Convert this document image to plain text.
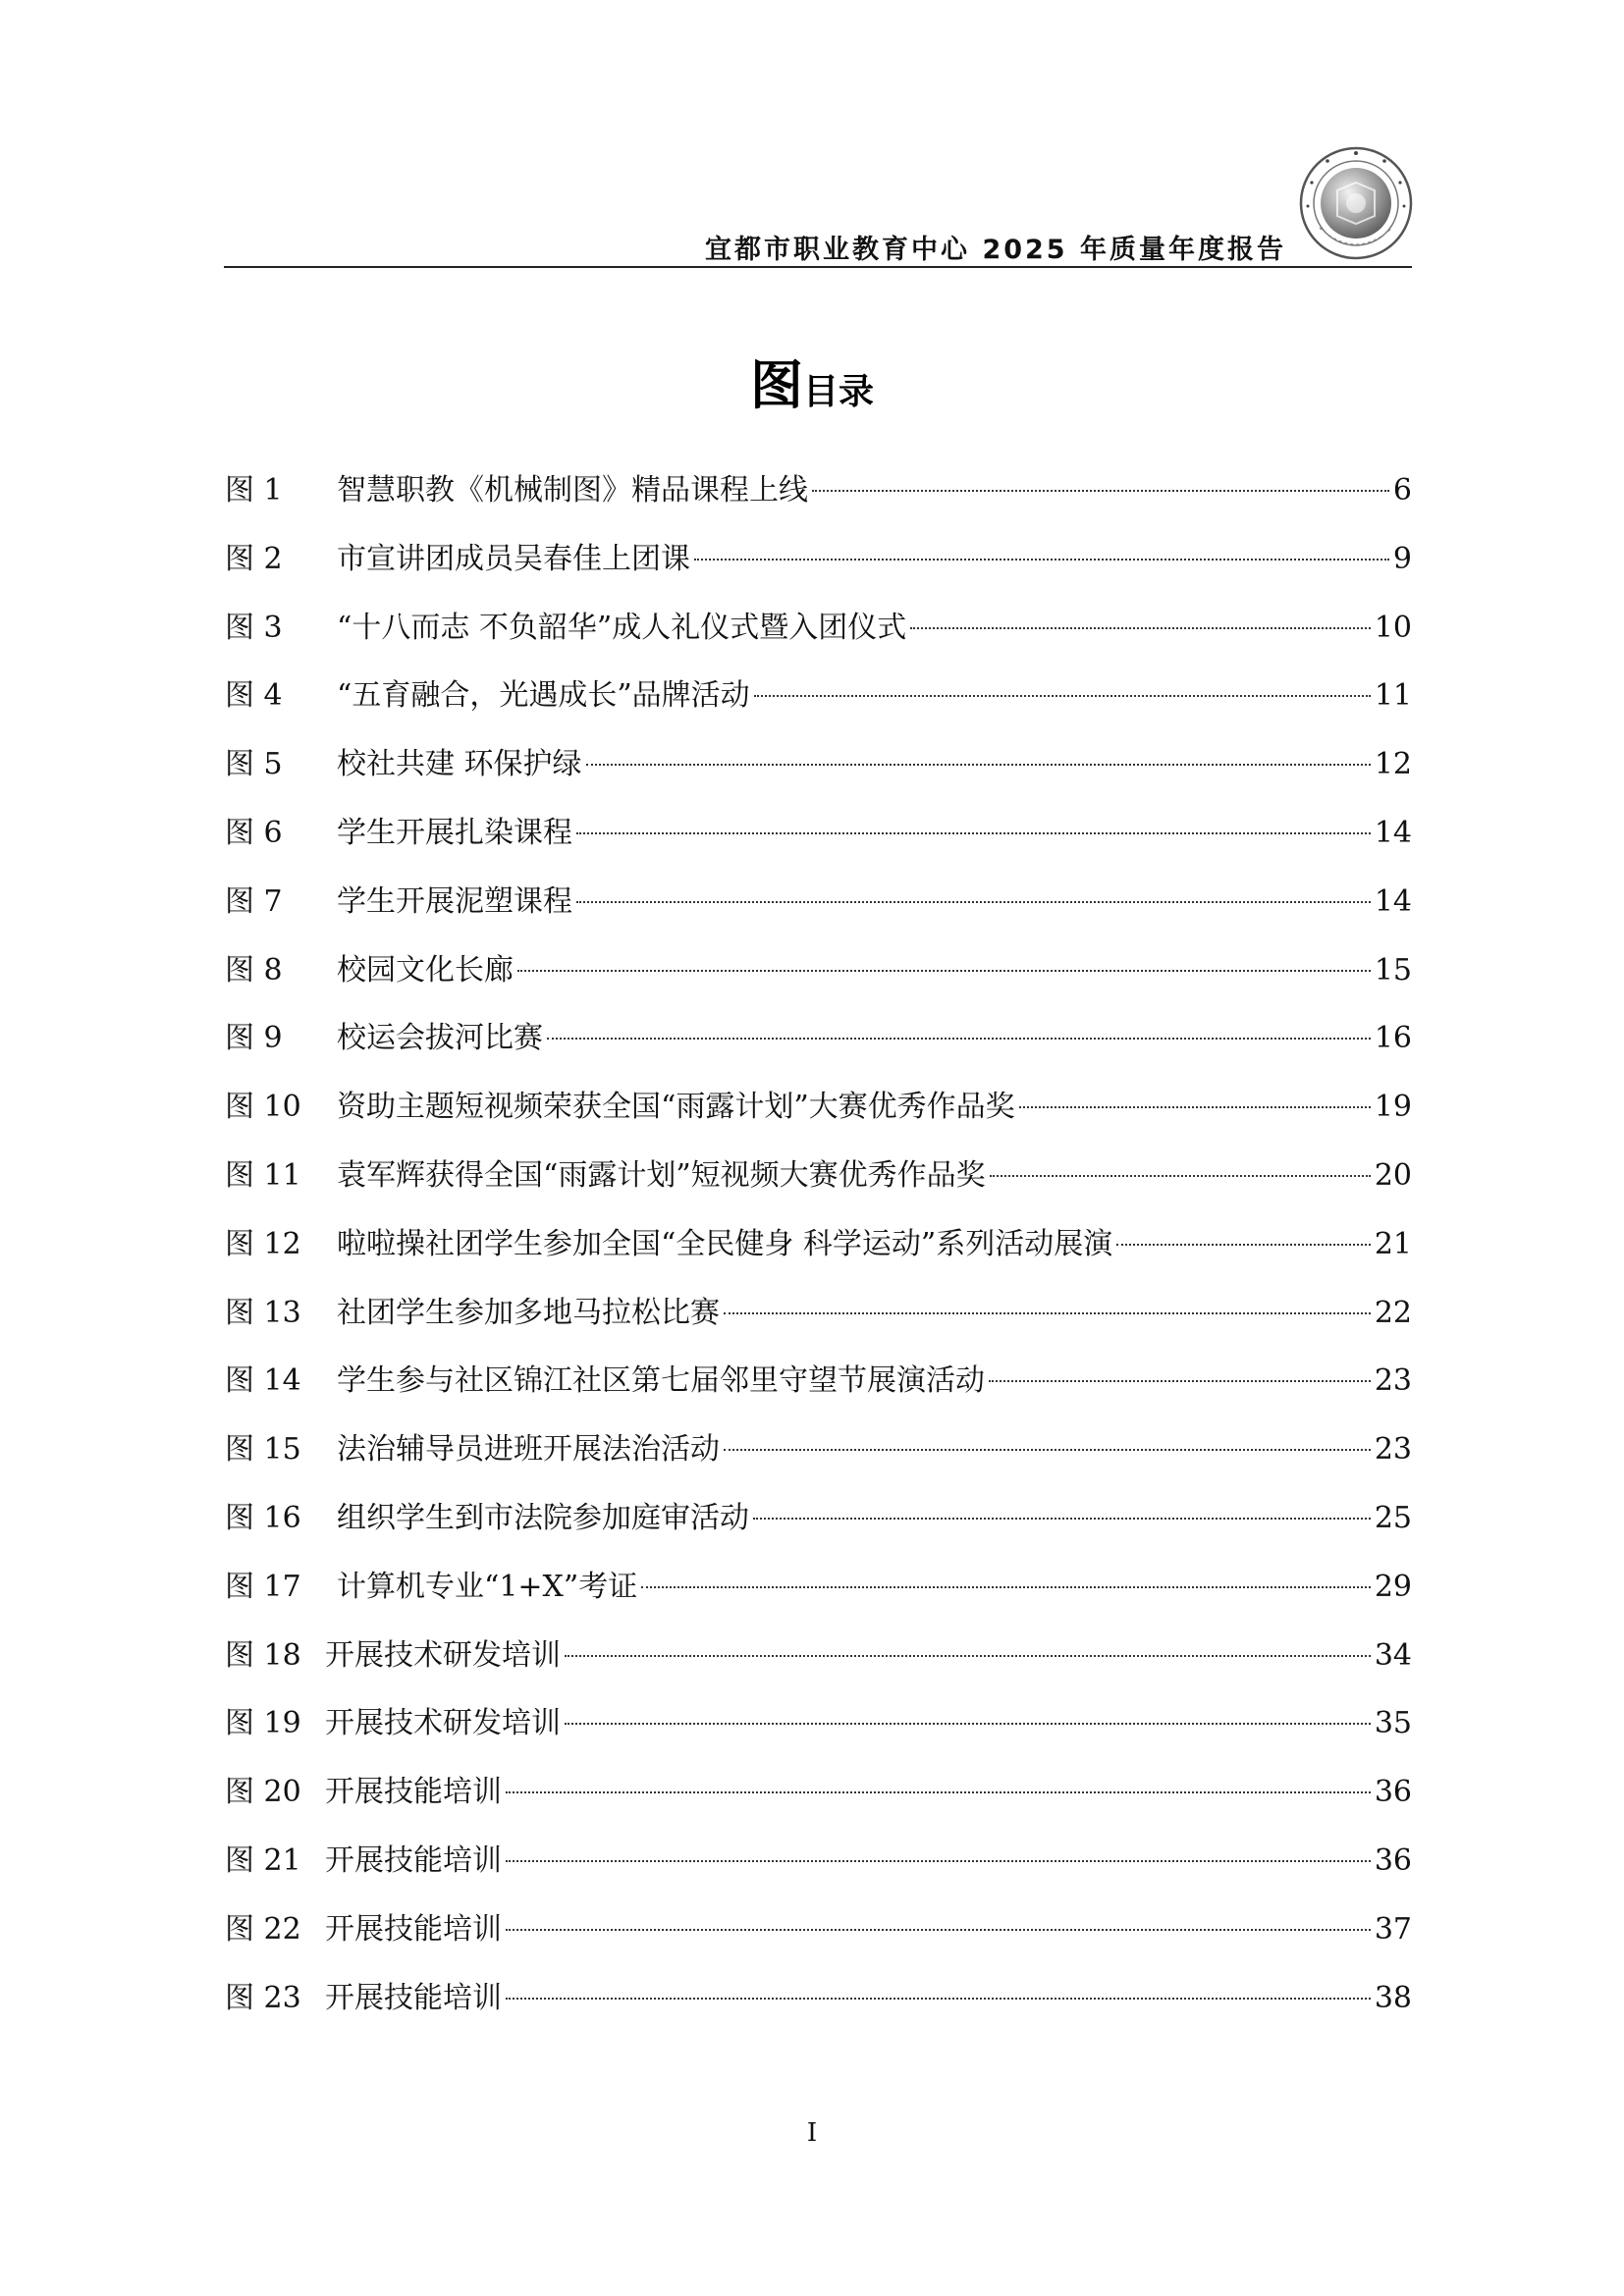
宜都市职业教育中心 2025 年质量年度报告
图目录
图 1	智慧职教《机械制图》精品课程上线	6
图 2	市宣讲团成员吴春佳上团课	9
图 3	“十八而志 不负韶华”成人礼仪式暨入团仪式	10
图 4	“五育融合，光遇成长”品牌活动	11
图 5	校社共建 环保护绿	12
图 6	学生开展扎染课程	14
图 7	学生开展泥塑课程	14
图 8	校园文化长廊	15
图 9	校运会拔河比赛	16
图 10	资助主题短视频荣获全国“雨露计划”大赛优秀作品奖	19
图 11	袁军辉获得全国“雨露计划”短视频大赛优秀作品奖	20
图 12	啦啦操社团学生参加全国“全民健身 科学运动”系列活动展演	21
图 13	社团学生参加多地马拉松比赛	22
图 14	学生参与社区锦江社区第七届邻里守望节展演活动	23
图 15	法治辅导员进班开展法治活动	23
图 16	组织学生到市法院参加庭审活动	25
图 17	计算机专业“1+X”考证	29
图 18 开展技术研发培训	34
图 19 开展技术研发培训	35
图 20 开展技能培训	36
图 21 开展技能培训	36
图 22 开展技能培训	37
图 23 开展技能培训	38
I
